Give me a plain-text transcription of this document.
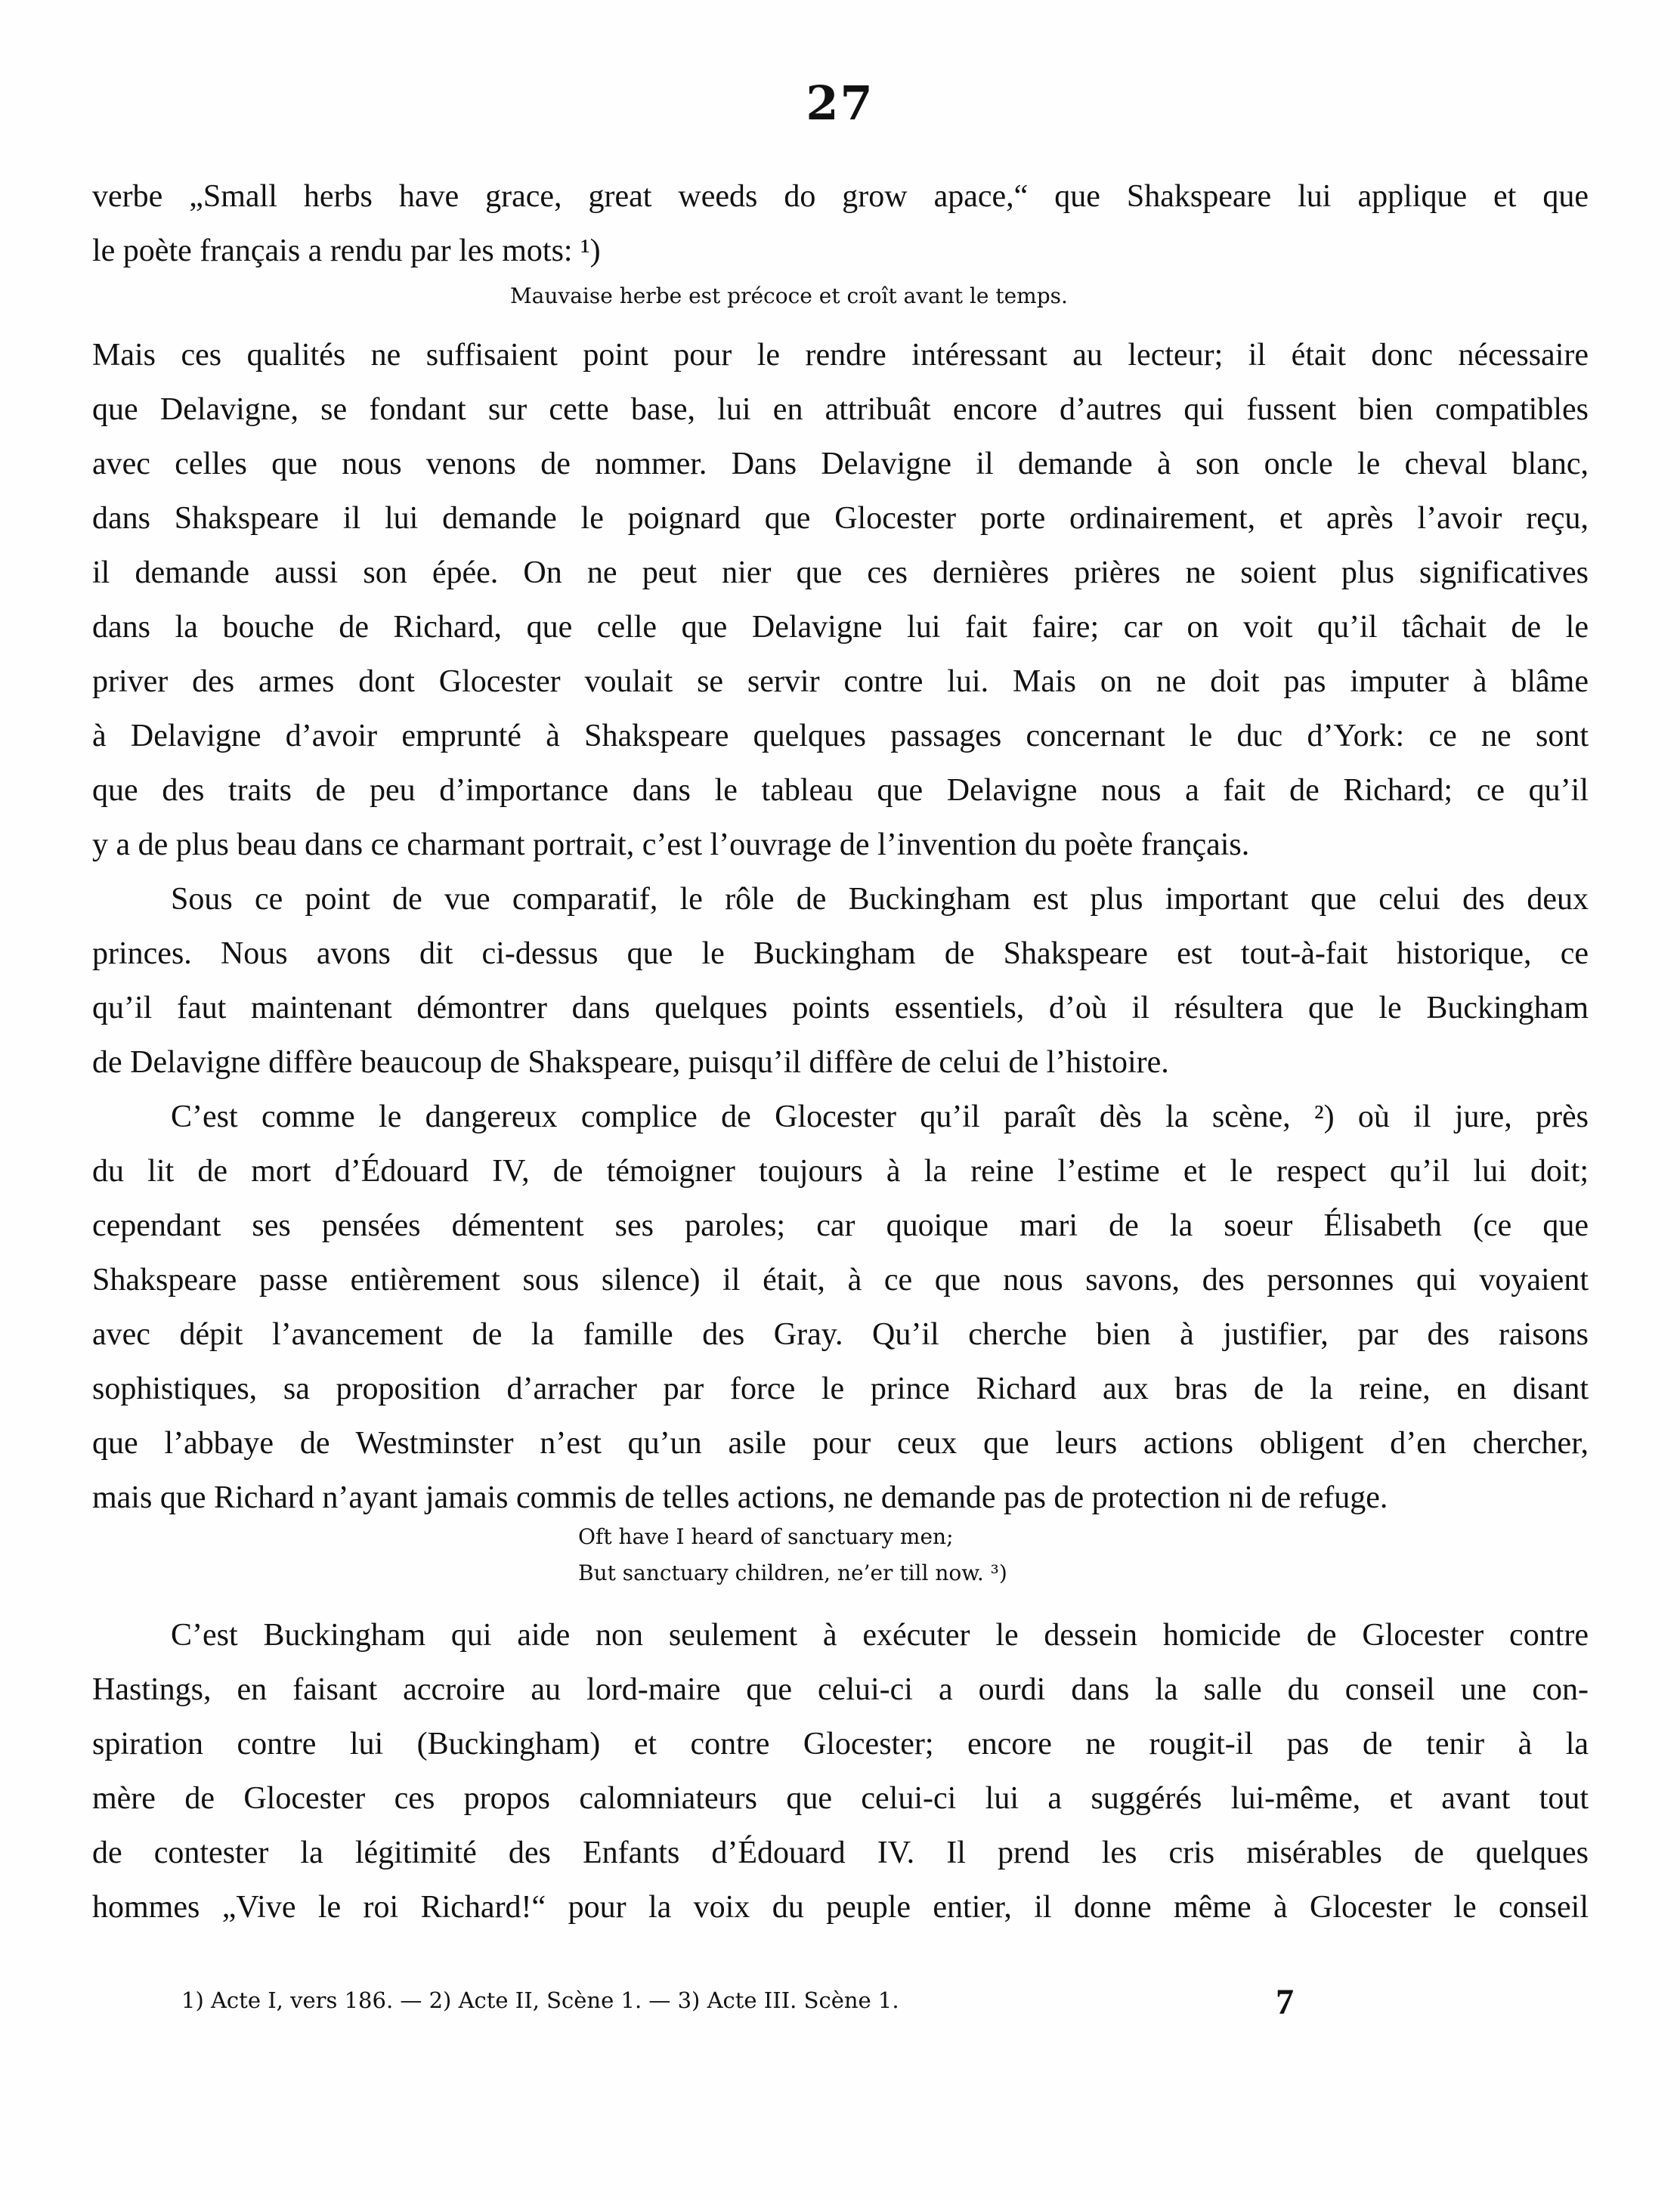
27
verbe „Small herbs have grace, great weeds do grow apace,“ que Shakspeare lui applique et que
le poète français a rendu par les mots: ¹)
Mauvaise herbe est précoce et croît avant le temps.
Mais ces qualités ne suffisaient point pour le rendre intéressant au lecteur; il était donc nécessaire
que Delavigne, se fondant sur cette base, lui en attribuât encore d’autres qui fussent bien compatibles
avec celles que nous venons de nommer. Dans Delavigne il demande à son oncle le cheval blanc,
dans Shakspeare il lui demande le poignard que Glocester porte ordinairement, et après l’avoir reçu,
il demande aussi son épée. On ne peut nier que ces dernières prières ne soient plus significatives
dans la bouche de Richard, que celle que Delavigne lui fait faire; car on voit qu’il tâchait de le
priver des armes dont Glocester voulait se servir contre lui. Mais on ne doit pas imputer à blâme
à Delavigne d’avoir emprunté à Shakspeare quelques passages concernant le duc d’York: ce ne sont
que des traits de peu d’importance dans le tableau que Delavigne nous a fait de Richard; ce qu’il
y a de plus beau dans ce charmant portrait, c’est l’ouvrage de l’invention du poète français.
Sous ce point de vue comparatif, le rôle de Buckingham est plus important que celui des deux
princes. Nous avons dit ci-dessus que le Buckingham de Shakspeare est tout-à-fait historique, ce
qu’il faut maintenant démontrer dans quelques points essentiels, d’où il résultera que le Buckingham
de Delavigne diffère beaucoup de Shakspeare, puisqu’il diffère de celui de l’histoire.
C’est comme le dangereux complice de Glocester qu’il paraît dès la scène, ²) où il jure, près
du lit de mort d’Édouard IV, de témoigner toujours à la reine l’estime et le respect qu’il lui doit;
cependant ses pensées démentent ses paroles; car quoique mari de la soeur Élisabeth (ce que
Shakspeare passe entièrement sous silence) il était, à ce que nous savons, des personnes qui voyaient
avec dépit l’avancement de la famille des Gray. Qu’il cherche bien à justifier, par des raisons
sophistiques, sa proposition d’arracher par force le prince Richard aux bras de la reine, en disant
que l’abbaye de Westminster n’est qu’un asile pour ceux que leurs actions obligent d’en chercher,
mais que Richard n’ayant jamais commis de telles actions, ne demande pas de protection ni de refuge.
Oft have I heard of sanctuary men;
But sanctuary children, ne’er till now. ³)
C’est Buckingham qui aide non seulement à exécuter le dessein homicide de Glocester contre
Hastings, en faisant accroire au lord-maire que celui-ci a ourdi dans la salle du conseil une con-
spiration contre lui (Buckingham) et contre Glocester; encore ne rougit-il pas de tenir à la
mère de Glocester ces propos calomniateurs que celui-ci lui a suggérés lui-même, et avant tout
de contester la légitimité des Enfants d’Édouard IV. Il prend les cris misérables de quelques
hommes „Vive le roi Richard!“ pour la voix du peuple entier, il donne même à Glocester le conseil
1) Acte I, vers 186. — 2) Acte II, Scène 1. — 3) Acte III. Scène 1.	7
